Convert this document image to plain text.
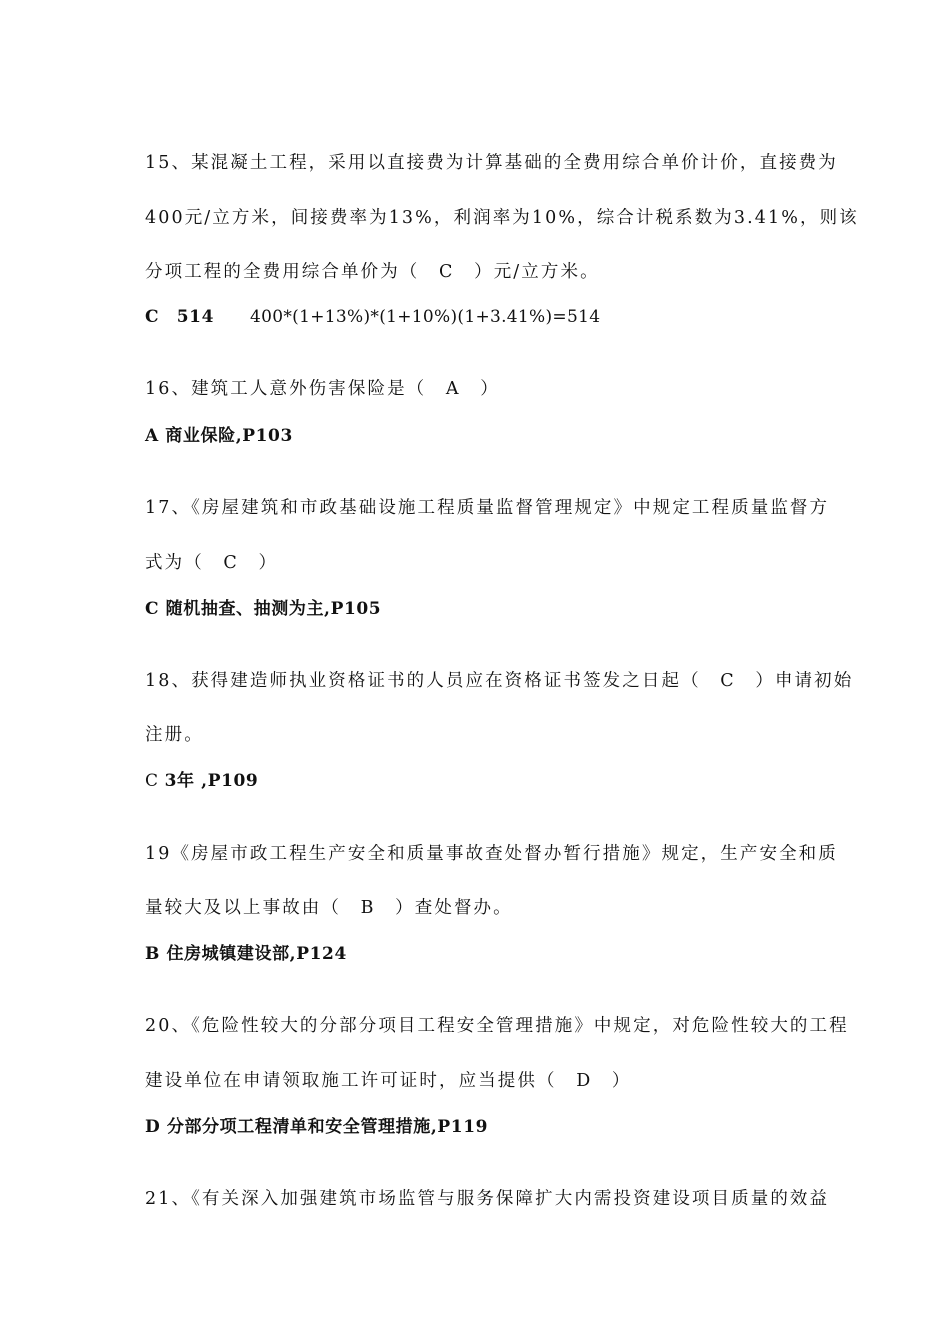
15、某混凝土工程，采用以直接费为计算基础的全费用综合单价计价，直接费为
400元/立方米，间接费率为13%，利润率为10%，综合计税系数为3.41%，则该
分项工程的全费用综合单价为（　C　）元/立方米。
C　514 400*(1+13%)*(1+10%)(1+3.41%)=514
16、建筑工人意外伤害保险是（　A　）
A 商业保险,P103
17、《房屋建筑和市政基础设施工程质量监督管理规定》中规定工程质量监督方
式为（　C　）
C 随机抽查、抽测为主,P105
18、获得建造师执业资格证书的人员应在资格证书签发之日起（　C　）申请初始
注册。
C 3年 ,P109
19《房屋市政工程生产安全和质量事故查处督办暂行措施》规定，生产安全和质
量较大及以上事故由（　B　）查处督办。
B 住房城镇建设部,P124
20、《危险性较大的分部分项目工程安全管理措施》中规定，对危险性较大的工程
建设单位在申请领取施工许可证时，应当提供（　D　）
D 分部分项工程清单和安全管理措施,P119
21、《有关深入加强建筑市场监管与服务保障扩大内需投资建设项目质量的效益
